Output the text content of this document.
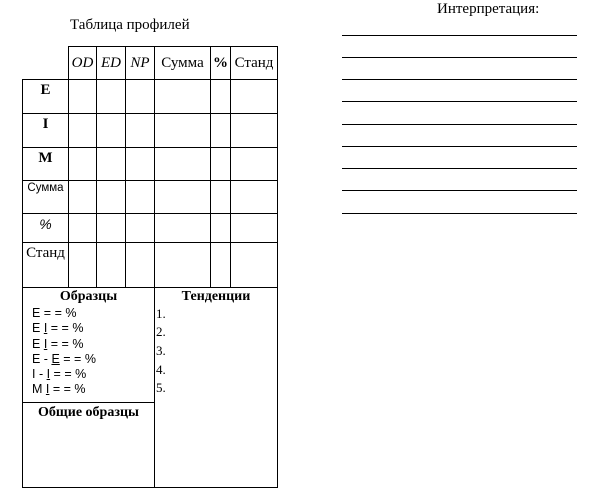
Таблица профилей
Интерпретация:
OD ED NP Сумма % Станд
E
I
M
Сумма
%
Станд
Образцы
E = = %
E I = = %
E I = = %
E - E = = %
I - I = = %
M I = = %
Общие образцы
Тенденции
1.
2.
3.
4.
5.
